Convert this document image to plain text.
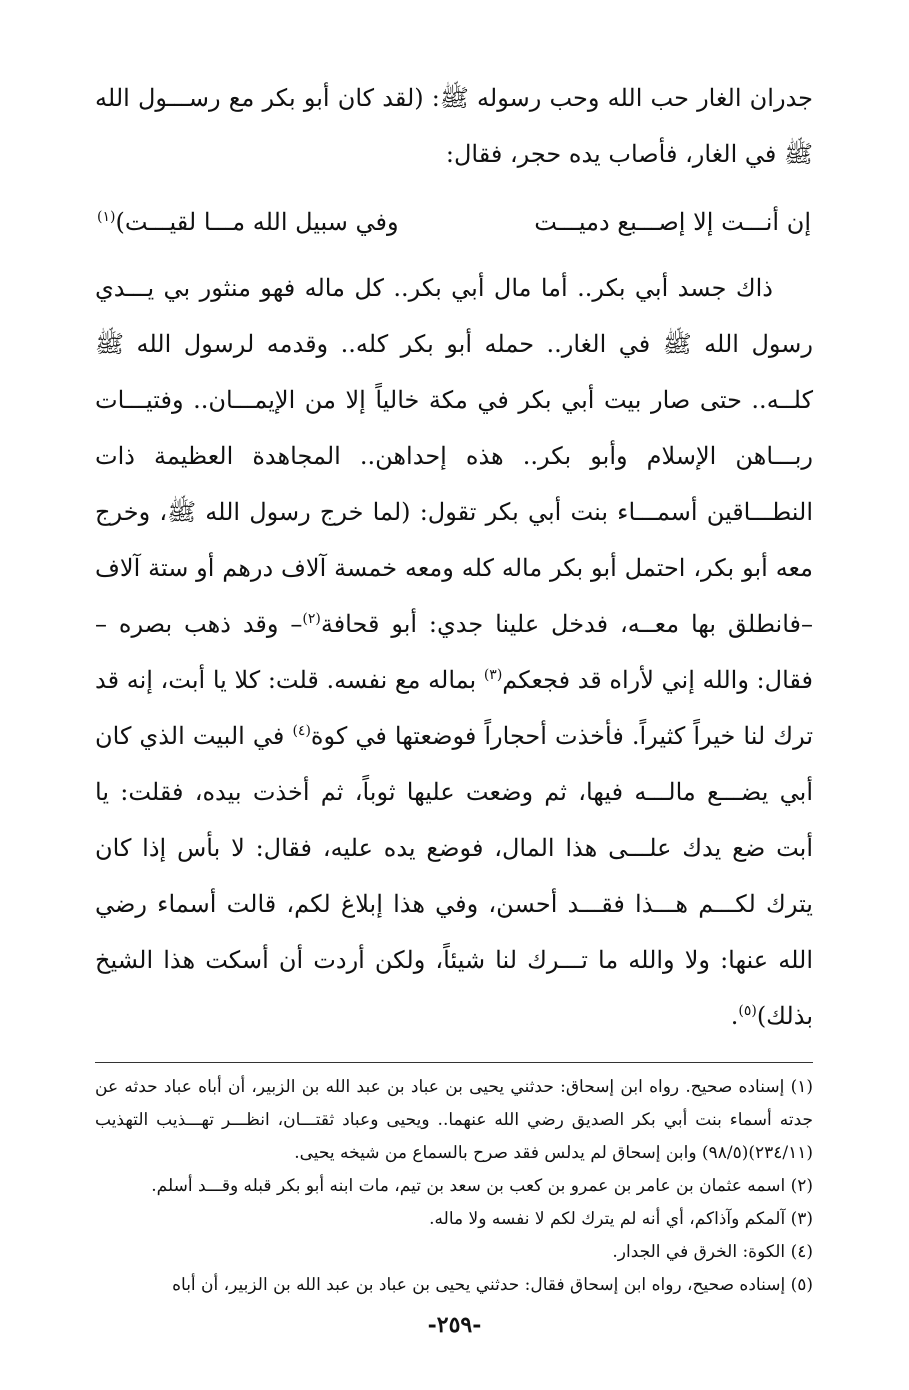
جدران الغار حب الله وحب رسوله ﷺ: (لقد كان أبو بكر مع رســـول الله ﷺ في الغار، فأصاب يده حجر، فقال:

إن أنـــت إلا إصـــبع دميـــت
وفي سبيل الله مـــا لقيـــت)$^{(١)}$

ذاك جسد أبي بكر.. أما مال أبي بكر.. كل ماله فهو منثور بي يـــدي رسول الله ﷺ في الغار.. حمله أبو بكر كله.. وقدمه لرسول الله ﷺ كلــه.. حتى صار بيت أبي بكر في مكة خالياً إلا من الإيمـــان.. وفتيـــات ربـــاهن الإسلام وأبو بكر.. هذه إحداهن.. المجاهدة العظيمة ذات النطـــاقين أسمـــاء بنت أبي بكر تقول: (لما خرج رسول الله ﷺ، وخرج معه أبو بكر، احتمل أبو بكر ماله كله ومعه خمسة آلاف درهم أو ستة آلاف –فانطلق بها معــه، فدخل علينا جدي: أبو قحافة$^{(٢)}$– وقد ذهب بصره – فقال: والله إني لأراه قد فجعكم$^{(٣)}$ بماله مع نفسه. قلت: كلا يا أبت، إنه قد ترك لنا خيراً كثيراً. فأخذت أحجاراً فوضعتها في كوة$^{(٤)}$ في البيت الذي كان أبي يضـــع مالـــه فيها، ثم وضعت عليها ثوباً، ثم أخذت بيده، فقلت: يا أبت ضع يدك علـــى هذا المال، فوضع يده عليه، فقال: لا بأس إذا كان يترك لكـــم هـــذا فقـــد أحسن، وفي هذا إبلاغ لكم، قالت أسماء رضي الله عنها: ولا والله ما تـــرك لنا شيئاً، ولكن أردت أن أسكت هذا الشيخ بذلك)$^{(٥)}$.

(١) إسناده صحيح. رواه ابن إسحاق: حدثني يحيى بن عباد بن عبد الله بن الزبير، أن أباه عباد حدثه عن جدته أسماء بنت أبي بكر الصديق رضي الله عنهما.. ويحيى وعباد ثقتـــان، انظـــر تهـــذيب التهذيب (٢٣٤/١١)(٩٨/٥) وابن إسحاق لم يدلس فقد صرح بالسماع من شيخه يحيى.

(٢) اسمه عثمان بن عامر بن عمرو بن كعب بن سعد بن تيم، مات ابنه أبو بكر قبله وقـــد أسلم.

(٣) آلمكم وآذاكم، أي أنه لم يترك لكم لا نفسه ولا ماله.

(٤) الكوة: الخرق في الجدار.

(٥) إسناده صحيح، رواه ابن إسحاق فقال: حدثني يحيى بن عباد بن عبد الله بن الزبير، أن أباه

-٢٥٩-
